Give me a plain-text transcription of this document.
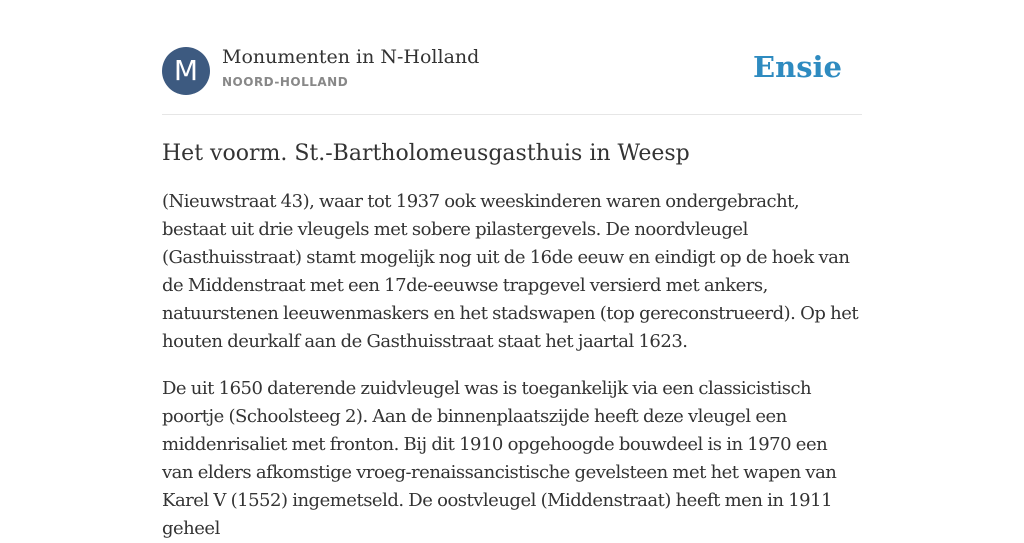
M	Monumenten in N-Holland
NOORD-HOLLAND	Ensie
Het voorm. St.-Bartholomeusgasthuis in Weesp

(Nieuwstraat 43), waar tot 1937 ook weeskinderen waren ondergebracht, bestaat uit drie vleugels met sobere pilastergevels. De noordvleugel (Gasthuisstraat) stamt mogelijk nog uit de 16de eeuw en eindigt op de hoek van de Middenstraat met een 17de-eeuwse trapgevel versierd met ankers, natuurstenen leeuwenmaskers en het stadswapen (top gereconstrueerd). Op het houten deurkalf aan de Gasthuisstraat staat het jaartal 1623.

De uit 1650 daterende zuidvleugel was is toegankelijk via een classicistisch poortje (Schoolsteeg 2). Aan de binnenplaatszijde heeft deze vleugel een middenrisaliet met fronton. Bij dit 1910 opgehoogde bouwdeel is in 1970 een van elders afkomstige vroeg-renaissancistische gevelsteen met het wapen van Karel V (1552) ingemetseld. De oostvleugel (Middenstraat) heeft men in 1911 geheel
